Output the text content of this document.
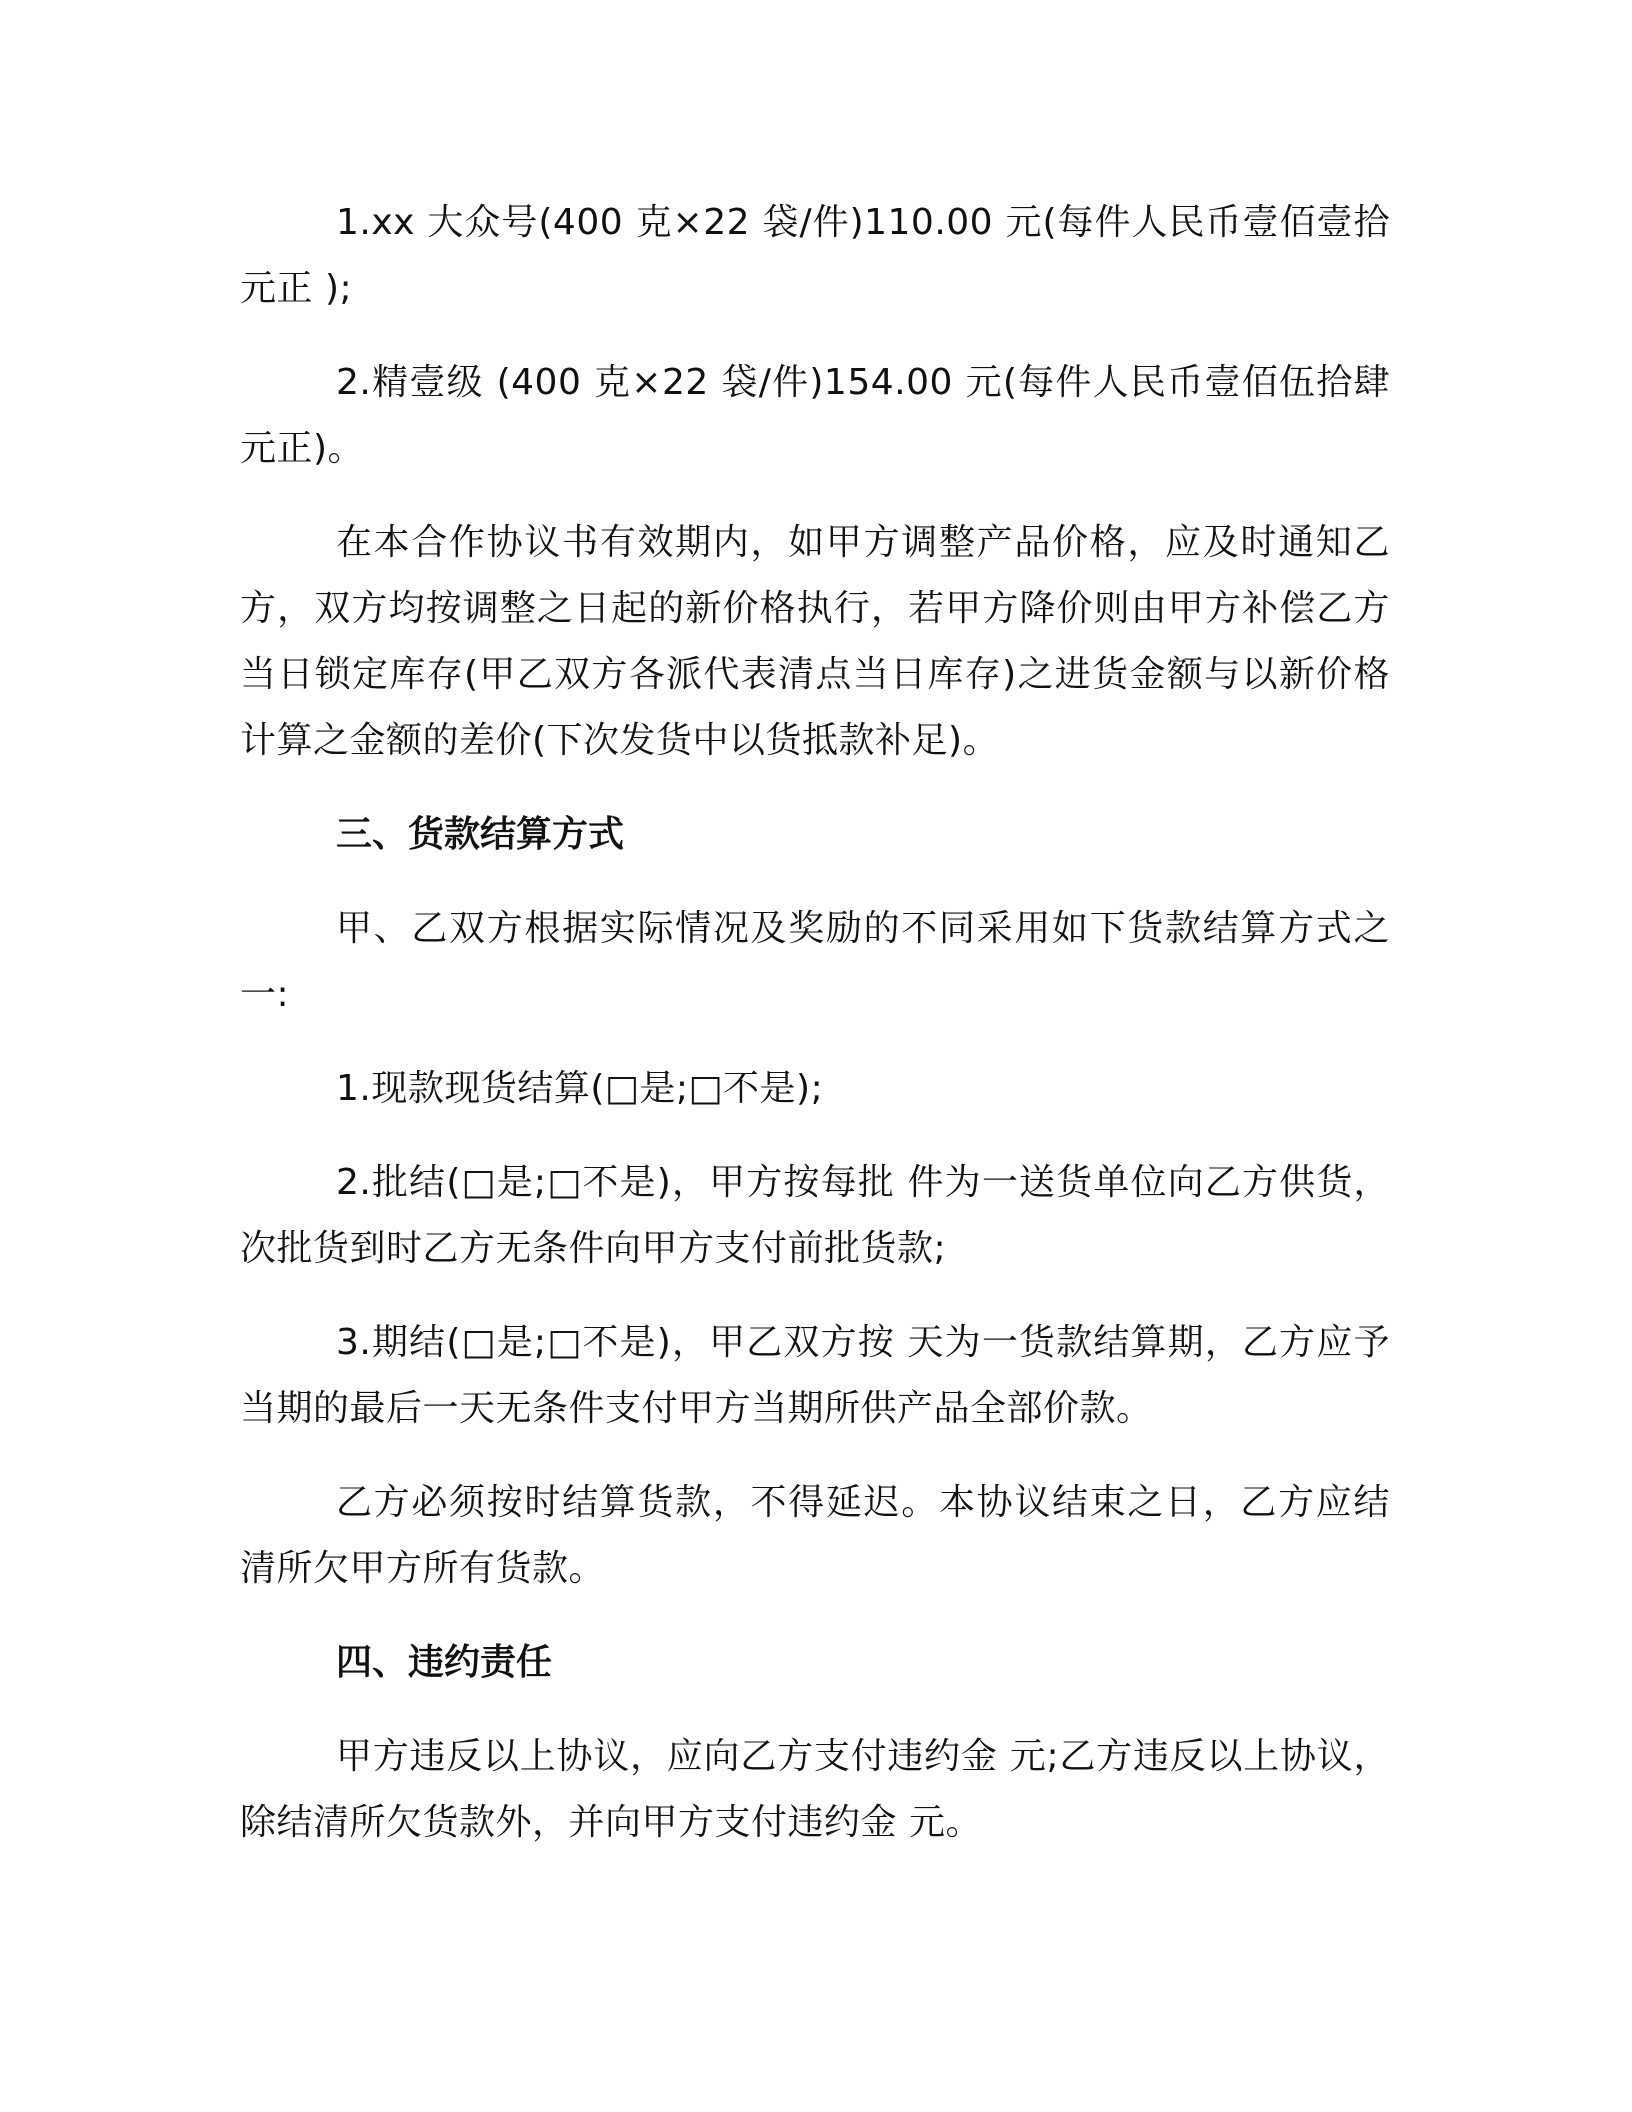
1.xx 大众号(400 克×22 袋/件)110.00 元(每件人民币壹佰壹拾元正 );

2.精壹级 (400 克×22 袋/件)154.00 元(每件人民币壹佰伍拾肆元正)。

在本合作协议书有效期内，如甲方调整产品价格，应及时通知乙方，双方均按调整之日起的新价格执行，若甲方降价则由甲方补偿乙方当日锁定库存(甲乙双方各派代表清点当日库存)之进货金额与以新价格计算之金额的差价(下次发货中以货抵款补足)。

三、货款结算方式

甲、乙双方根据实际情况及奖励的不同采用如下货款结算方式之一:

1.现款现货结算(□是;□不是);

2.批结(□是;□不是)，甲方按每批 件为一送货单位向乙方供货，次批货到时乙方无条件向甲方支付前批货款;

3.期结(□是;□不是)，甲乙双方按 天为一货款结算期，乙方应予当期的最后一天无条件支付甲方当期所供产品全部价款。

乙方必须按时结算货款，不得延迟。本协议结束之日，乙方应结清所欠甲方所有货款。

四、违约责任

甲方违反以上协议，应向乙方支付违约金 元;乙方违反以上协议，除结清所欠货款外，并向甲方支付违约金 元。
